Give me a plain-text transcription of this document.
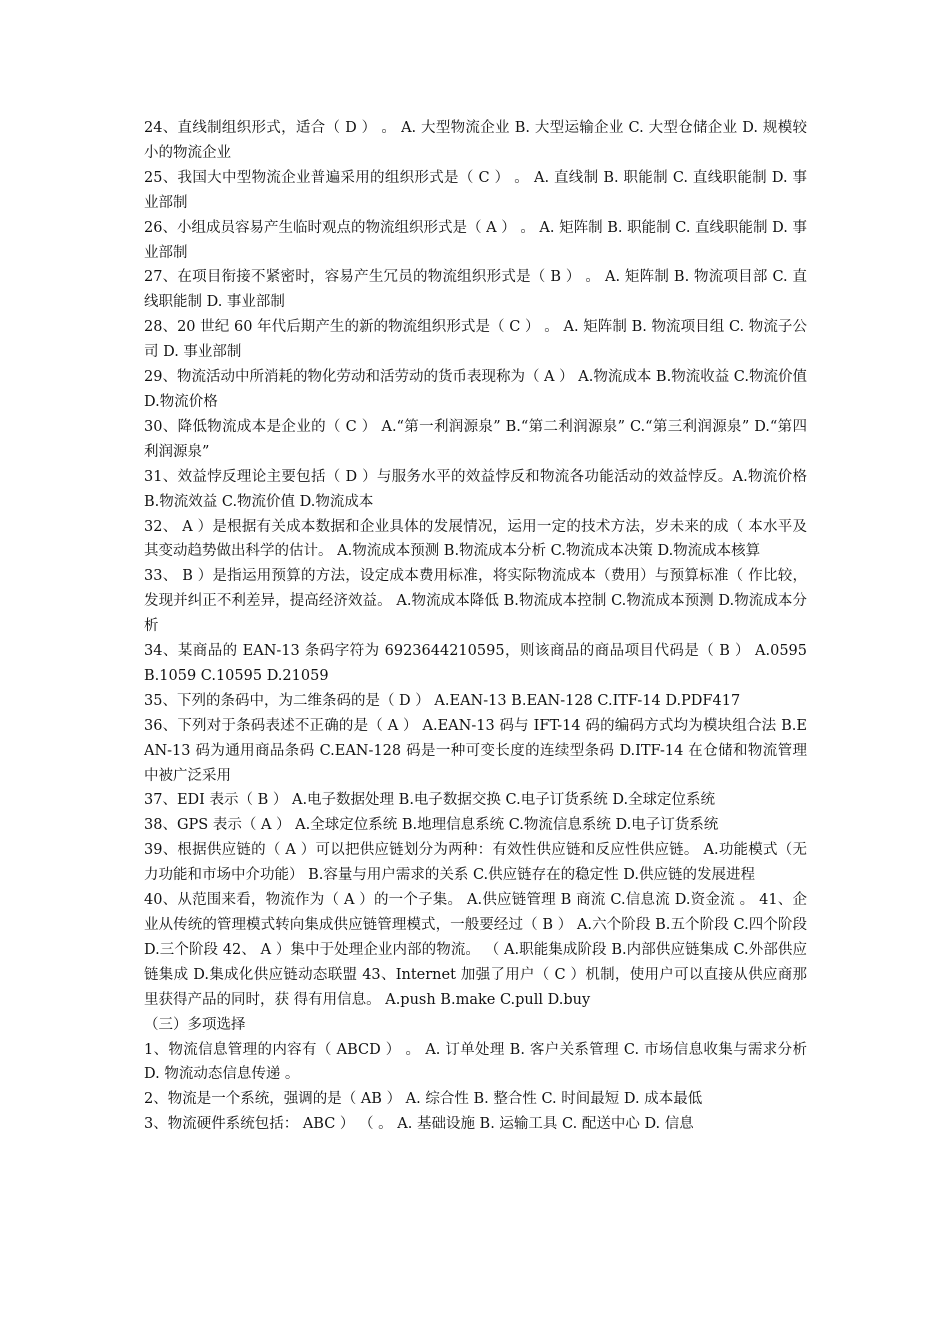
24、直线制组织形式，适合（ D ） 。 A. 大型物流企业 B. 大型运输企业 C. 大型仓储企业 D. 规模较小的物流企业

25、我国大中型物流企业普遍采用的组织形式是（ C ） 。 A. 直线制 B. 职能制 C. 直线职能制 D. 事业部制

26、小组成员容易产生临时观点的物流组织形式是（ A ） 。 A. 矩阵制 B. 职能制 C. 直线职能制 D. 事业部制

27、在项目衔接不紧密时，容易产生冗员的物流组织形式是（ B ） 。 A. 矩阵制 B. 物流项目部 C. 直线职能制 D. 事业部制

28、20 世纪 60 年代后期产生的新的物流组织形式是（ C ） 。 A. 矩阵制 B. 物流项目组 C. 物流子公司 D. 事业部制

29、物流活动中所消耗的物化劳动和活劳动的货币表现称为（ A ） A.物流成本 B.物流收益 C.物流价值 D.物流价格

30、降低物流成本是企业的（ C ） A.“第一利润源泉” B.“第二利润源泉” C.“第三利润源泉” D.“第四利润源泉”

31、效益悖反理论主要包括（ D ）与服务水平的效益悖反和物流各功能活动的效益悖反。A.物流价格 B.物流效益 C.物流价值 D.物流成本

32、 A ）是根据有关成本数据和企业具体的发展情况，运用一定的技术方法，岁未来的成（ 本水平及其变动趋势做出科学的估计。 A.物流成本预测 B.物流成本分析 C.物流成本决策 D.物流成本核算

33、 B ）是指运用预算的方法，设定成本费用标准，将实际物流成本（费用）与预算标准（ 作比较，发现并纠正不利差异，提高经济效益。 A.物流成本降低 B.物流成本控制 C.物流成本预测 D.物流成本分析

34、某商品的 EAN-13 条码字符为 6923644210595，则该商品的商品项目代码是（ B ） A.0595 B.1059 C.10595 D.21059

35、下列的条码中，为二维条码的是（ D ） A.EAN-13 B.EAN-128 C.ITF-14 D.PDF417

36、下列对于条码表述不正确的是（ A ） A.EAN-13 码与 IFT-14 码的编码方式均为模块组合法 B.EAN-13 码为通用商品条码 C.EAN-128 码是一种可变长度的连续型条码 D.ITF-14 在仓储和物流管理中被广泛采用

37、EDI 表示（ B ） A.电子数据处理 B.电子数据交换 C.电子订货系统 D.全球定位系统

38、GPS 表示（ A ） A.全球定位系统 B.地理信息系统 C.物流信息系统 D.电子订货系统

39、根据供应链的（ A ）可以把供应链划分为两种：有效性供应链和反应性供应链。 A.功能模式（无力功能和市场中介功能） B.容量与用户需求的关系 C.供应链存在的稳定性 D.供应链的发展进程

40、从范围来看，物流作为（ A ）的一个子集。 A.供应链管理 B 商流 C.信息流 D.资金流 。 41、企业从传统的管理模式转向集成供应链管理模式，一般要经过（ B ） A.六个阶段 B.五个阶段 C.四个阶段 D.三个阶段 42、 A ）集中于处理企业内部的物流。 （ A.职能集成阶段 B.内部供应链集成 C.外部供应链集成 D.集成化供应链动态联盟 43、Internet 加强了用户（ C ）机制，使用户可以直接从供应商那里获得产品的同时，获 得有用信息。 A.push B.make C.pull D.buy

（三）多项选择

1、物流信息管理的内容有（ ABCD ） 。 A. 订单处理 B. 客户关系管理 C. 市场信息收集与需求分析 D. 物流动态信息传递 。

2、物流是一个系统，强调的是（ AB ） A. 综合性 B. 整合性 C. 时间最短 D. 成本最低

3、物流硬件系统包括： ABC ） （ 。 A. 基础设施 B. 运输工具 C. 配送中心 D. 信息
